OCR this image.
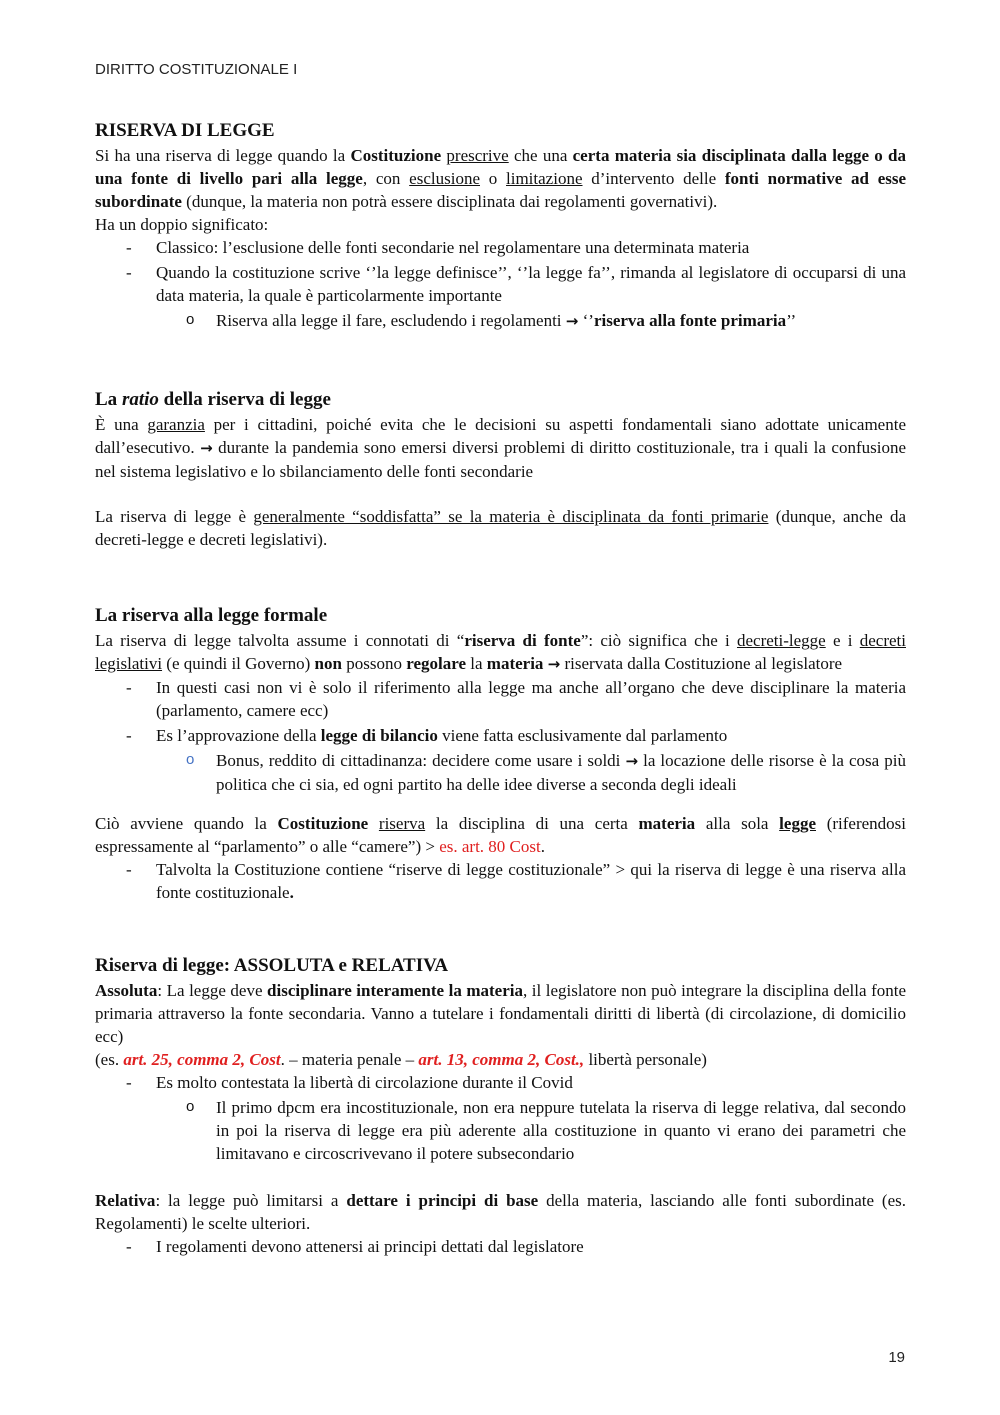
DIRITTO COSTITUZIONALE I
RISERVA DI LEGGE

Si ha una riserva di legge quando la Costituzione prescrive che una certa materia sia disciplinata dalla legge o da una fonte di livello pari alla legge, con esclusione o limitazione d’intervento delle fonti normative ad esse subordinate (dunque, la materia non potrà essere disciplinata dai regolamenti governativi).

Ha un doppio significato:

- Classico: l’esclusione delle fonti secondarie nel regolamentare una determinata materia
- Quando la costituzione scrive ‘’la legge definisce’’, ‘’la legge fa’’, rimanda al legislatore di occuparsi di una data materia, la quale è particolarmente importante
o Riserva alla legge il fare, escludendo i regolamenti → ‘’riserva alla fonte primaria’’
La ratio della riserva di legge

È una garanzia per i cittadini, poiché evita che le decisioni su aspetti fondamentali siano adottate unicamente dall’esecutivo. → durante la pandemia sono emersi diversi problemi di diritto costituzionale, tra i quali la confusione nel sistema legislativo e lo sbilanciamento delle fonti secondarie

La riserva di legge è generalmente “soddisfatta” se la materia è disciplinata da fonti primarie (dunque, anche da decreti-legge e decreti legislativi).

La riserva alla legge formale

La riserva di legge talvolta assume i connotati di “riserva di fonte”: ciò significa che i decreti-legge e i decreti legislativi (e quindi il Governo) non possono regolare la materia → riservata dalla Costituzione al legislatore

- In questi casi non vi è solo il riferimento alla legge ma anche all’organo che deve disciplinare la materia (parlamento, camere ecc)
- Es l’approvazione della legge di bilancio viene fatta esclusivamente dal parlamento
o Bonus, reddito di cittadinanza: decidere come usare i soldi → la locazione delle risorse è la cosa più politica che ci sia, ed ogni partito ha delle idee diverse a seconda degli ideali

Ciò avviene quando la Costituzione riserva la disciplina di una certa materia alla sola legge (riferendosi espressamente al “parlamento” o alle “camere”) > es. art. 80 Cost.

- Talvolta la Costituzione contiene “riserve di legge costituzionale” > qui la riserva di legge è una riserva alla fonte costituzionale.
Riserva di legge: ASSOLUTA e RELATIVA

Assoluta: La legge deve disciplinare interamente la materia, il legislatore non può integrare la disciplina della fonte primaria attraverso la fonte secondaria. Vanno a tutelare i fondamentali diritti di libertà (di circolazione, di domicilio ecc)

(es. art. 25, comma 2, Cost. – materia penale – art. 13, comma 2, Cost., libertà personale)

- Es molto contestata la libertà di circolazione durante il Covid
o Il primo dpcm era incostituzionale, non era neppure tutelata la riserva di legge relativa, dal secondo in poi la riserva di legge era più aderente alla costituzione in quanto vi erano dei parametri che limitavano e circoscrivevano il potere subsecondario

Relativa: la legge può limitarsi a dettare i principi di base della materia, lasciando alle fonti subordinate (es. Regolamenti) le scelte ulteriori.

- I regolamenti devono attenersi ai principi dettati dal legislatore
19
